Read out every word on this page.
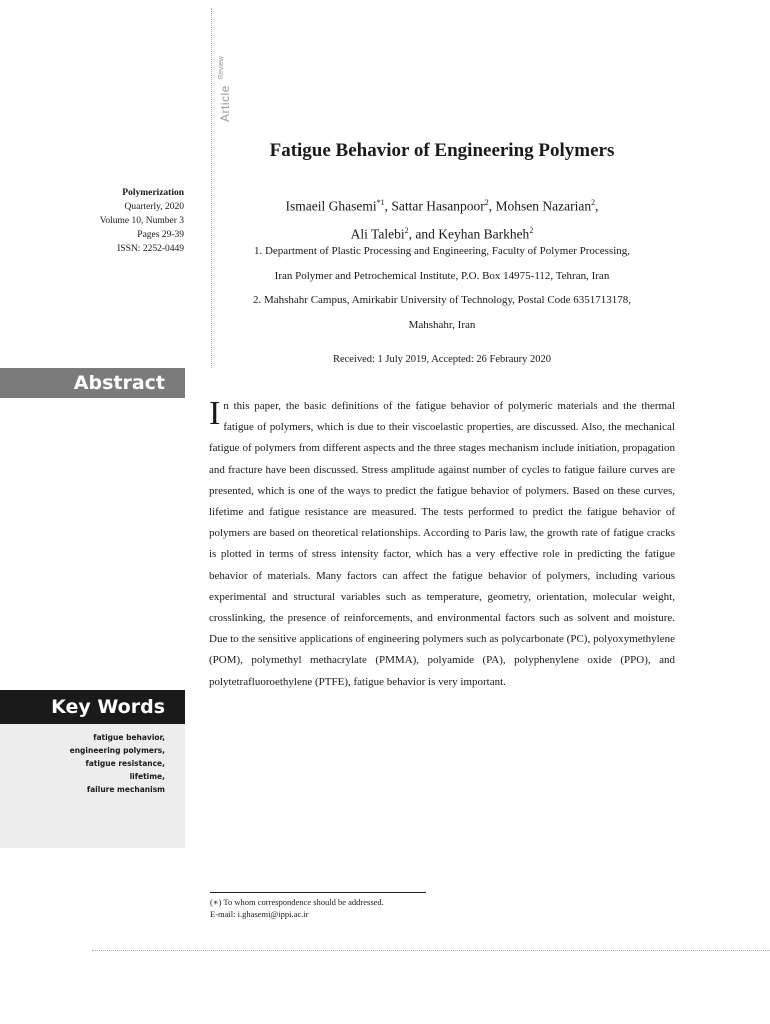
Article$^{Review}$
Polymerization
Quarterly, 2020
Volume 10, Number 3
Pages 29-39
ISSN: 2252-0449
Fatigue Behavior of Engineering Polymers
Ismaeil Ghasemi$^{*1}$, Sattar Hasanpoor$^2$, Mohsen Nazarian$^2$,
Ali Talebi$^2$, and Keyhan Barkheh$^2$
1. Department of Plastic Processing and Engineering, Faculty of Polymer Processing,
Iran Polymer and Petrochemical Institute, P.O. Box 14975-112, Tehran, Iran
2. Mahshahr Campus, Amirkabir University of Technology, Postal Code 6351713178,
Mahshahr, Iran
Received: 1 July 2019, Accepted: 26 Febraury 2020
Abstract
In this paper, the basic definitions of the fatigue behavior of polymeric materials and the thermal fatigue of polymers, which is due to their viscoelastic properties, are discussed. Also, the mechanical fatigue of polymers from different aspects and the three stages mechanism include initiation, propagation and fracture have been discussed. Stress amplitude against number of cycles to fatigue failure curves are presented, which is one of the ways to predict the fatigue behavior of polymers. Based on these curves, lifetime and fatigue resistance are measured. The tests performed to predict the fatigue behavior of polymers are based on theoretical relationships. According to Paris law, the growth rate of fatigue cracks is plotted in terms of stress intensity factor, which has a very effective role in predicting the fatigue behavior of materials. Many factors can affect the fatigue behavior of polymers, including various experimental and structural variables such as temperature, geometry, orientation, molecular weight, crosslinking, the presence of reinforcements, and environmental factors such as solvent and moisture. Due to the sensitive applications of engineering polymers such as polycarbonate (PC), polyoxymethylene (POM), polymethyl methacrylate (PMMA), polyamide (PA), polyphenylene oxide (PPO), and polytetrafluoroethylene (PTFE), fatigue behavior is very important.
Key Words
fatigue behavior,
engineering polymers,
fatigue resistance,
lifetime,
failure mechanism
(∗) To whom correspondence should be addressed.
E-mail: i.ghasemi@ippi.ac.ir
